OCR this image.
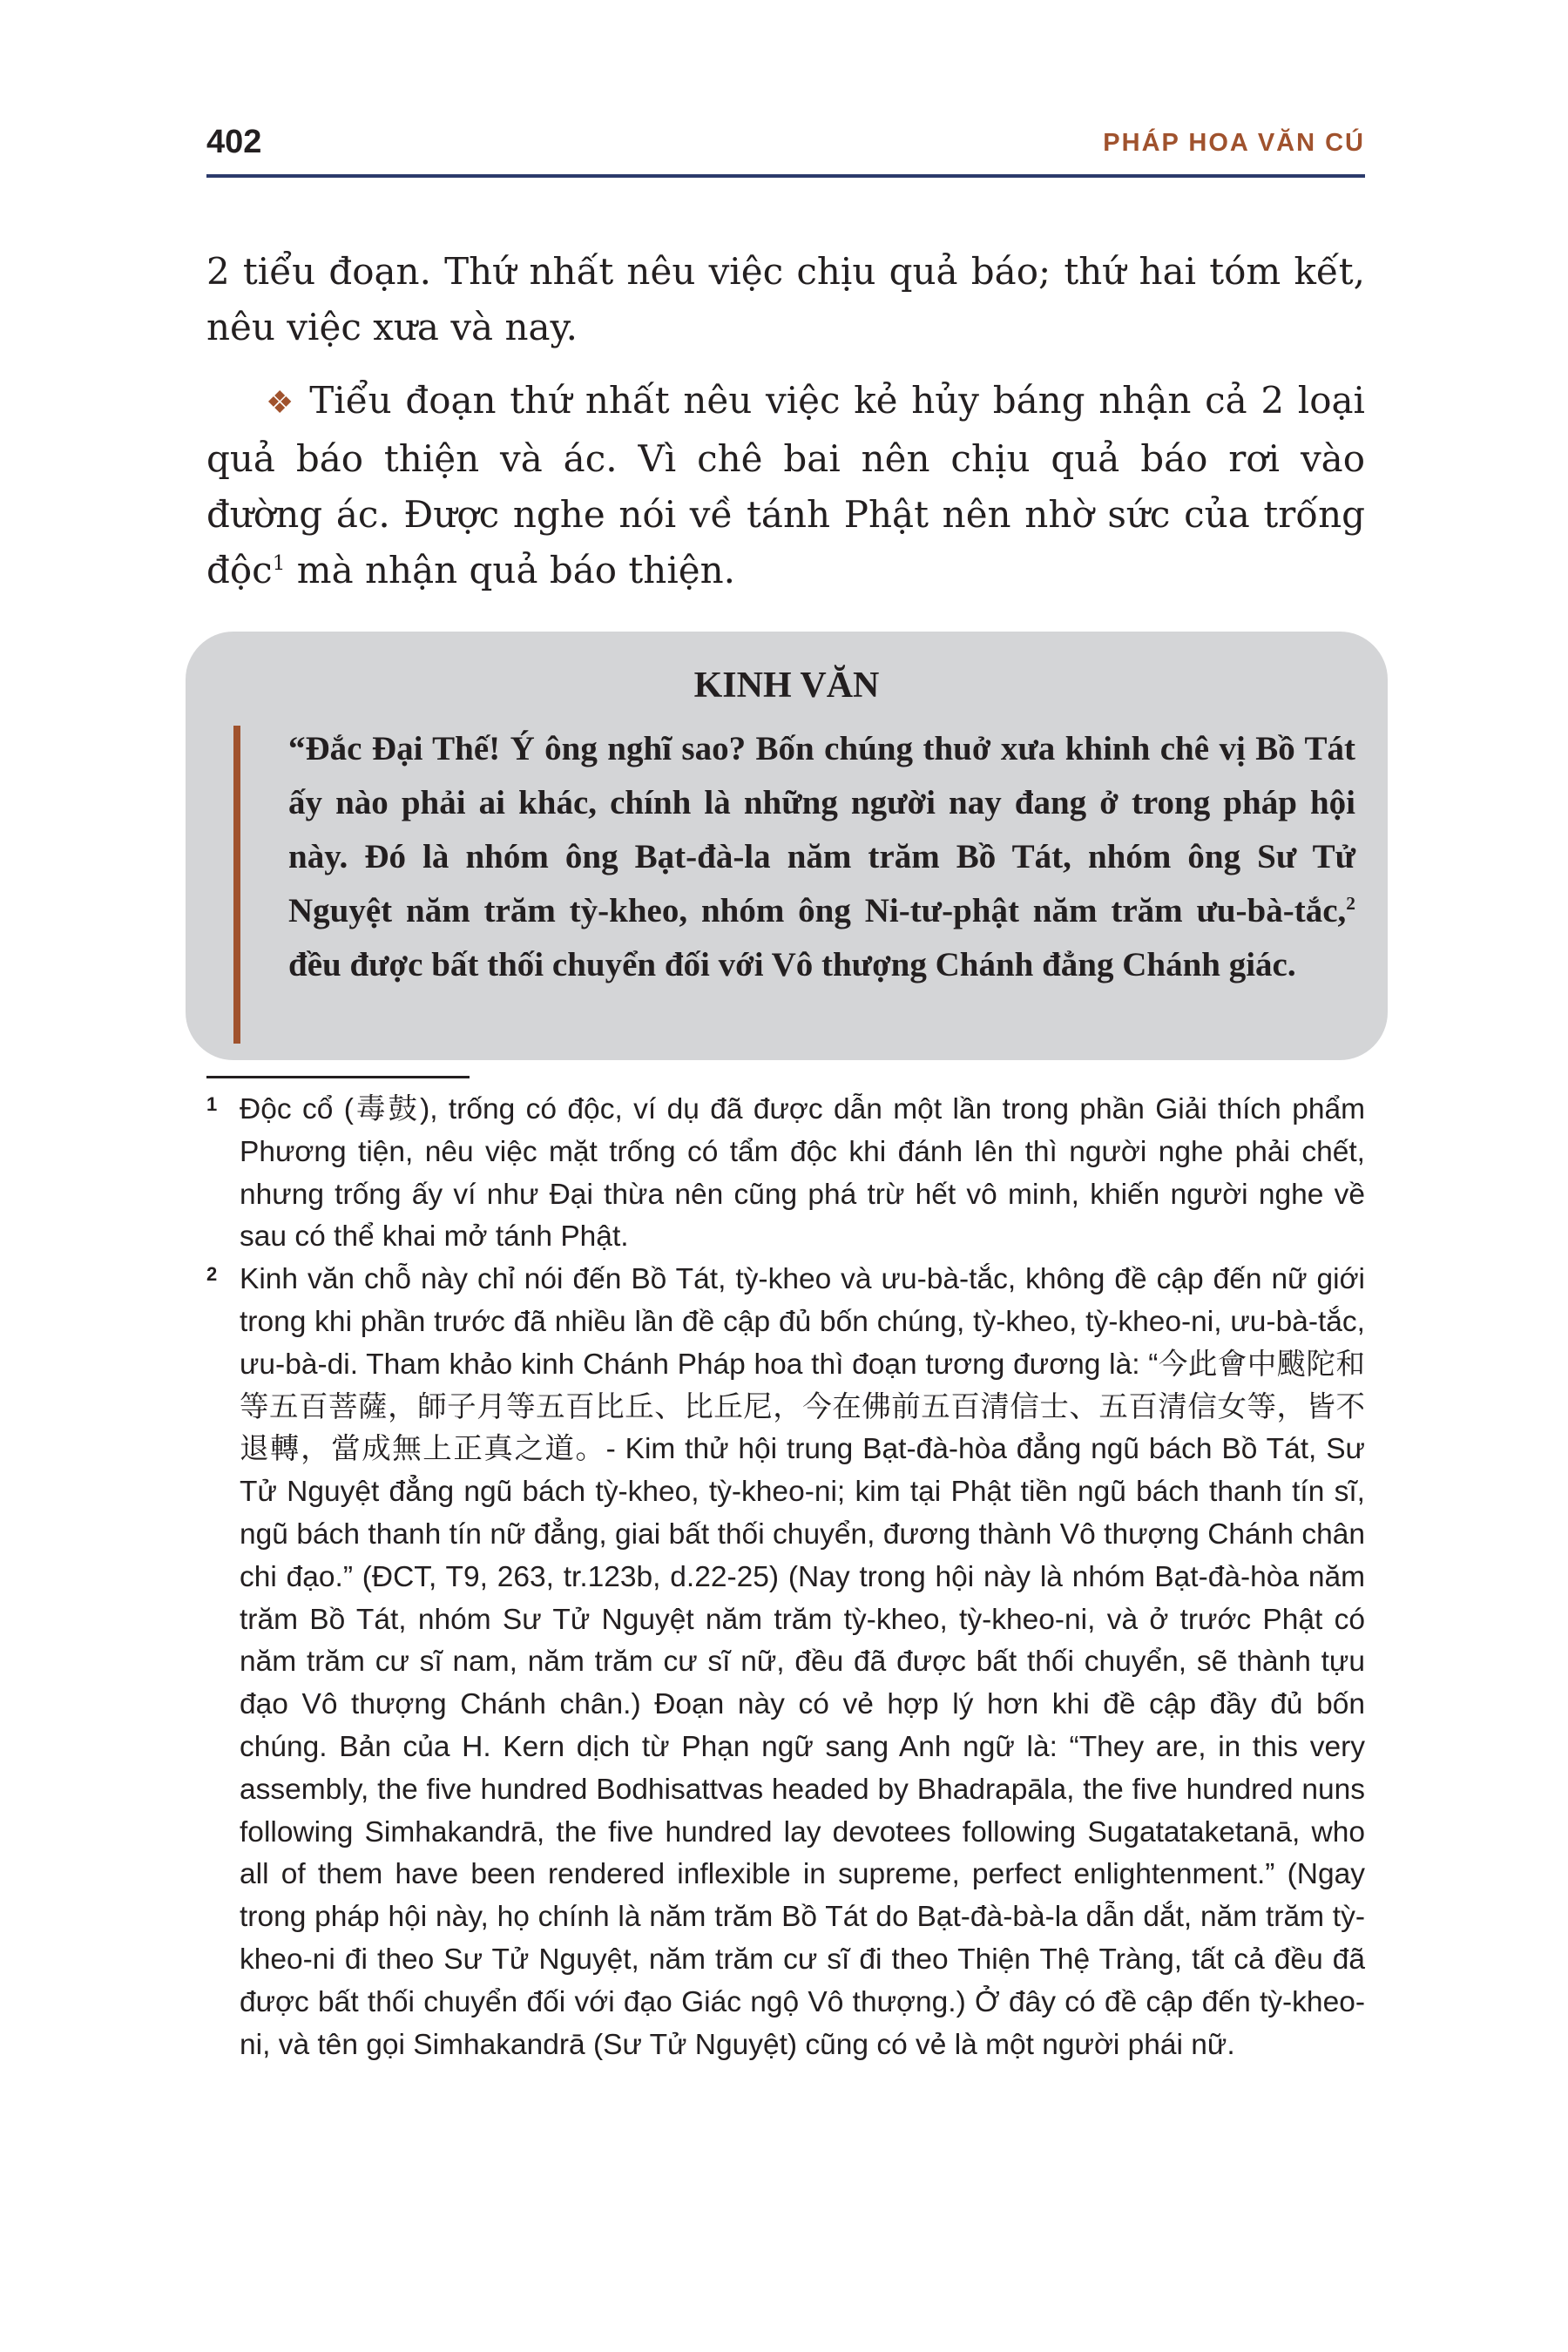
402	PHÁP HOA VĂN CÚ

2 tiểu đoạn. Thứ nhất nêu việc chịu quả báo; thứ hai tóm kết, nêu việc xưa và nay.

❖ Tiểu đoạn thứ nhất nêu việc kẻ hủy báng nhận cả 2 loại quả báo thiện và ác. Vì chê bai nên chịu quả báo rơi vào đường ác. Được nghe nói về tánh Phật nên nhờ sức của trống độc$^1$ mà nhận quả báo thiện.

KINH VĂN

“Đắc Đại Thế! Ý ông nghĩ sao? Bốn chúng thuở xưa khinh chê vị Bồ Tát ấy nào phải ai khác, chính là những người nay đang ở trong pháp hội này. Đó là nhóm ông Bạt-đà-la năm trăm Bồ Tát, nhóm ông Sư Tử Nguyệt năm trăm tỳ-kheo, nhóm ông Ni-tư-phật năm trăm ưu-bà-tắc,$^2$ đều được bất thối chuyển đối với Vô thượng Chánh đẳng Chánh giác.

1 Độc cổ (毒鼓), trống có độc, ví dụ đã được dẫn một lần trong phần Giải thích phẩm Phương tiện, nêu việc mặt trống có tẩm độc khi đánh lên thì người nghe phải chết, nhưng trống ấy ví như Đại thừa nên cũng phá trừ hết vô minh, khiến người nghe về sau có thể khai mở tánh Phật.

2 Kinh văn chỗ này chỉ nói đến Bồ Tát, tỳ-kheo và ưu-bà-tắc, không đề cập đến nữ giới trong khi phần trước đã nhiều lần đề cập đủ bốn chúng, tỳ-kheo, tỳ-kheo-ni, ưu-bà-tắc, ưu-bà-di. Tham khảo kinh Chánh Pháp hoa thì đoạn tương đương là: “今此會中颰陀和等五百菩薩，師子月等五百比丘、比丘尼，今在佛前五百清信士、五百清信女等，皆不退轉，當成無上正真之道。- Kim thử hội trung Bạt-đà-hòa đẳng ngũ bách Bồ Tát, Sư Tử Nguyệt đẳng ngũ bách tỳ-kheo, tỳ-kheo-ni; kim tại Phật tiền ngũ bách thanh tín sĩ, ngũ bách thanh tín nữ đẳng, giai bất thối chuyển, đương thành Vô thượng Chánh chân chi đạo.” (ĐCT, T9, 263, tr.123b, d.22-25) (Nay trong hội này là nhóm Bạt-đà-hòa năm trăm Bồ Tát, nhóm Sư Tử Nguyệt năm trăm tỳ-kheo, tỳ-kheo-ni, và ở trước Phật có năm trăm cư sĩ nam, năm trăm cư sĩ nữ, đều đã được bất thối chuyển, sẽ thành tựu đạo Vô thượng Chánh chân.) Đoạn này có vẻ hợp lý hơn khi đề cập đầy đủ bốn chúng. Bản của H. Kern dịch từ Phạn ngữ sang Anh ngữ là: “They are, in this very assembly, the five hundred Bodhisattvas headed by Bhadrapāla, the five hundred nuns following Simhakandrā, the five hundred lay devotees following Sugatataketanā, who all of them have been rendered inflexible in supreme, perfect enlightenment.” (Ngay trong pháp hội này, họ chính là năm trăm Bồ Tát do Bạt-đà-bà-la dẫn dắt, năm trăm tỳ-kheo-ni đi theo Sư Tử Nguyệt, năm trăm cư sĩ đi theo Thiện Thệ Tràng, tất cả đều đã được bất thối chuyển đối với đạo Giác ngộ Vô thượng.) Ở đây có đề cập đến tỳ-kheo-ni, và tên gọi Simhakandrā (Sư Tử Nguyệt) cũng có vẻ là một người phái nữ.
